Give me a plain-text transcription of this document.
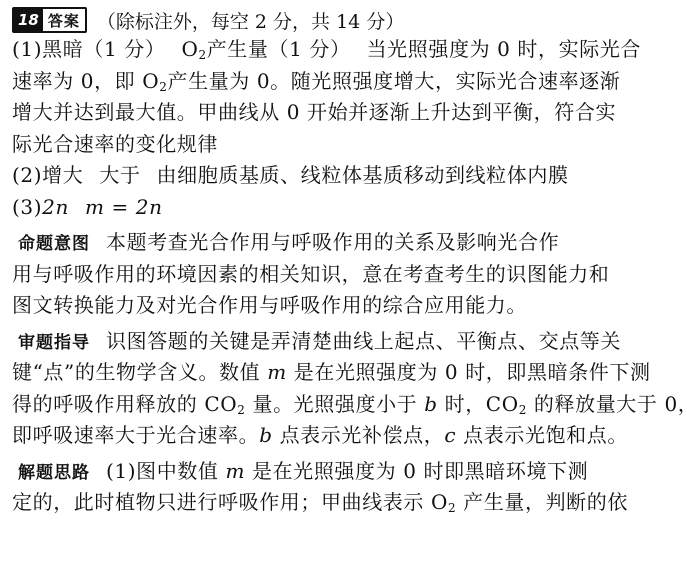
18 答案 （除标注外，每空 2 分，共 14 分）
(1)黑暗（1 分） $O_2$产生量（1 分） 当光照强度为 0 时，实际光合
速率为 0，即 $O_2$产生量为 0。随光照强度增大，实际光合速率逐渐
增大并达到最大值。甲曲线从 0 开始并逐渐上升达到平衡，符合实
际光合速率的变化规律
(2)增大 大于 由细胞质基质、线粒体基质移动到线粒体内膜
(3)2n m = 2n
命题意图 本题考查光合作用与呼吸作用的关系及影响光合作
用与呼吸作用的环境因素的相关知识，意在考查考生的识图能力和
图文转换能力及对光合作用与呼吸作用的综合应用能力。
审题指导 识图答题的关键是弄清楚曲线上起点、平衡点、交点等关
键“点”的生物学含义。数值 m 是在光照强度为 0 时，即黑暗条件下测
得的呼吸作用释放的 $CO_2$ 量。光照强度小于 b 时，$CO_2$ 的释放量大于 0，
即呼吸速率大于光合速率。b 点表示光补偿点，c 点表示光饱和点。
解题思路 (1)图中数值 m 是在光照强度为 0 时即黑暗环境下测
定的，此时植物只进行呼吸作用；甲曲线表示 $O_2$ 产生量，判断的依
